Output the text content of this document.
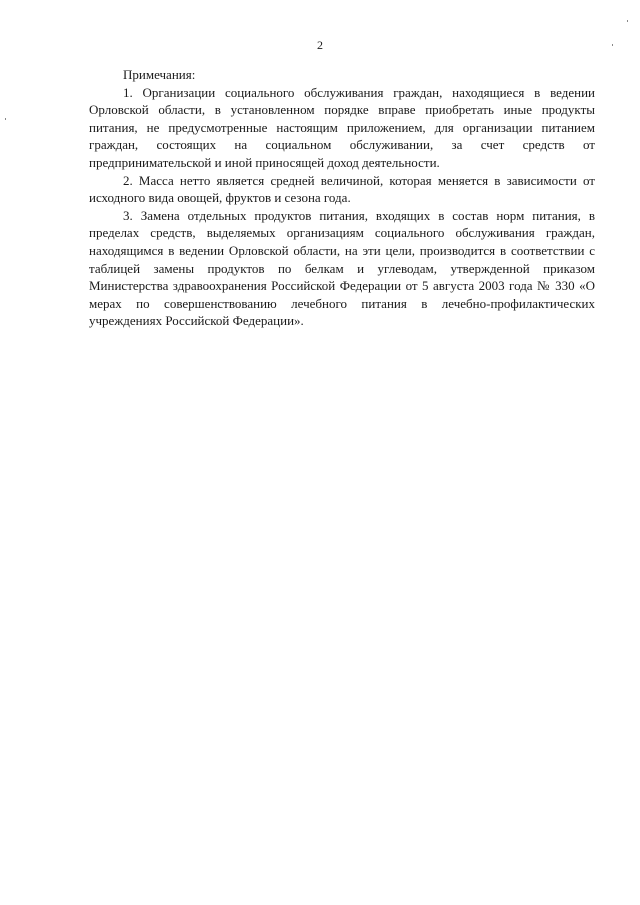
2

Примечания:

1. Организации социального обслуживания граждан, находящиеся в ведении Орловской области, в установленном порядке вправе приобретать иные продукты питания, не предусмотренные настоящим приложением, для организации питанием граждан, состоящих на социальном обслуживании, за счет средств от предпринимательской и иной приносящей доход деятельности.

2. Масса нетто является средней величиной, которая меняется в зависимости от исходного вида овощей, фруктов и сезона года.

3. Замена отдельных продуктов питания, входящих в состав норм питания, в пределах средств, выделяемых организациям социального обслуживания граждан, находящимся в ведении Орловской области, на эти цели, производится в соответствии с таблицей замены продуктов по белкам и углеводам, утвержденной приказом Министерства здравоохранения Российской Федерации от 5 августа 2003 года № 330 «О мерах по совершенствованию лечебного питания в лечебно-профилактических учреждениях Российской Федерации».
